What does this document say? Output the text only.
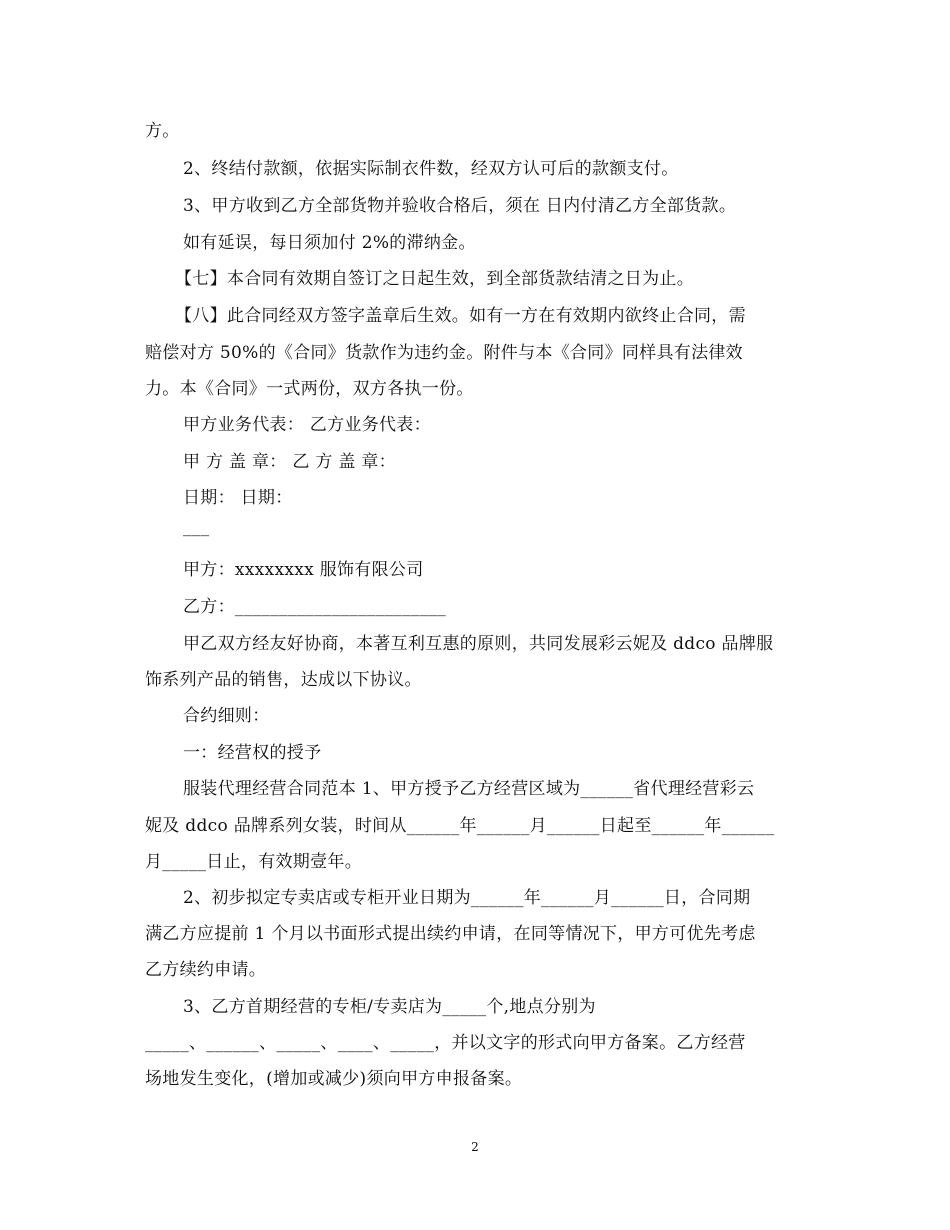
方。
2、终结付款额，依据实际制衣件数，经双方认可后的款额支付。
3、甲方收到乙方全部货物并验收合格后，须在 日内付清乙方全部货款。
如有延误，每日须加付 2%的滞纳金。
【七】本合同有效期自签订之日起生效，到全部货款结清之日为止。
【八】此合同经双方签字盖章后生效。如有一方在有效期内欲终止合同，需
赔偿对方 50%的《合同》货款作为违约金。附件与本《合同》同样具有法律效
力。本《合同》一式两份，双方各执一份。
甲方业务代表： 乙方业务代表：
甲 方 盖 章： 乙 方 盖 章：
日期： 日期：
___
甲方：xxxxxxxx 服饰有限公司
乙方：________________________
甲乙双方经友好协商，本著互利互惠的原则，共同发展彩云妮及 ddco 品牌服
饰系列产品的销售，达成以下协议。
合约细则：
一：经营权的授予
服装代理经营合同范本 1、甲方授予乙方经营区域为______省代理经营彩云
妮及 ddco 品牌系列女装，时间从______年______月______日起至______年______
月_____日止，有效期壹年。
2、初步拟定专卖店或专柜开业日期为______年______月______日，合同期
满乙方应提前 1 个月以书面形式提出续约申请，在同等情况下，甲方可优先考虑
乙方续约申请。
3、乙方首期经营的专柜/专卖店为_____个,地点分别为
_____、______、_____、____、_____，并以文字的形式向甲方备案。乙方经营
场地发生变化，(增加或减少)须向甲方申报备案。
2
